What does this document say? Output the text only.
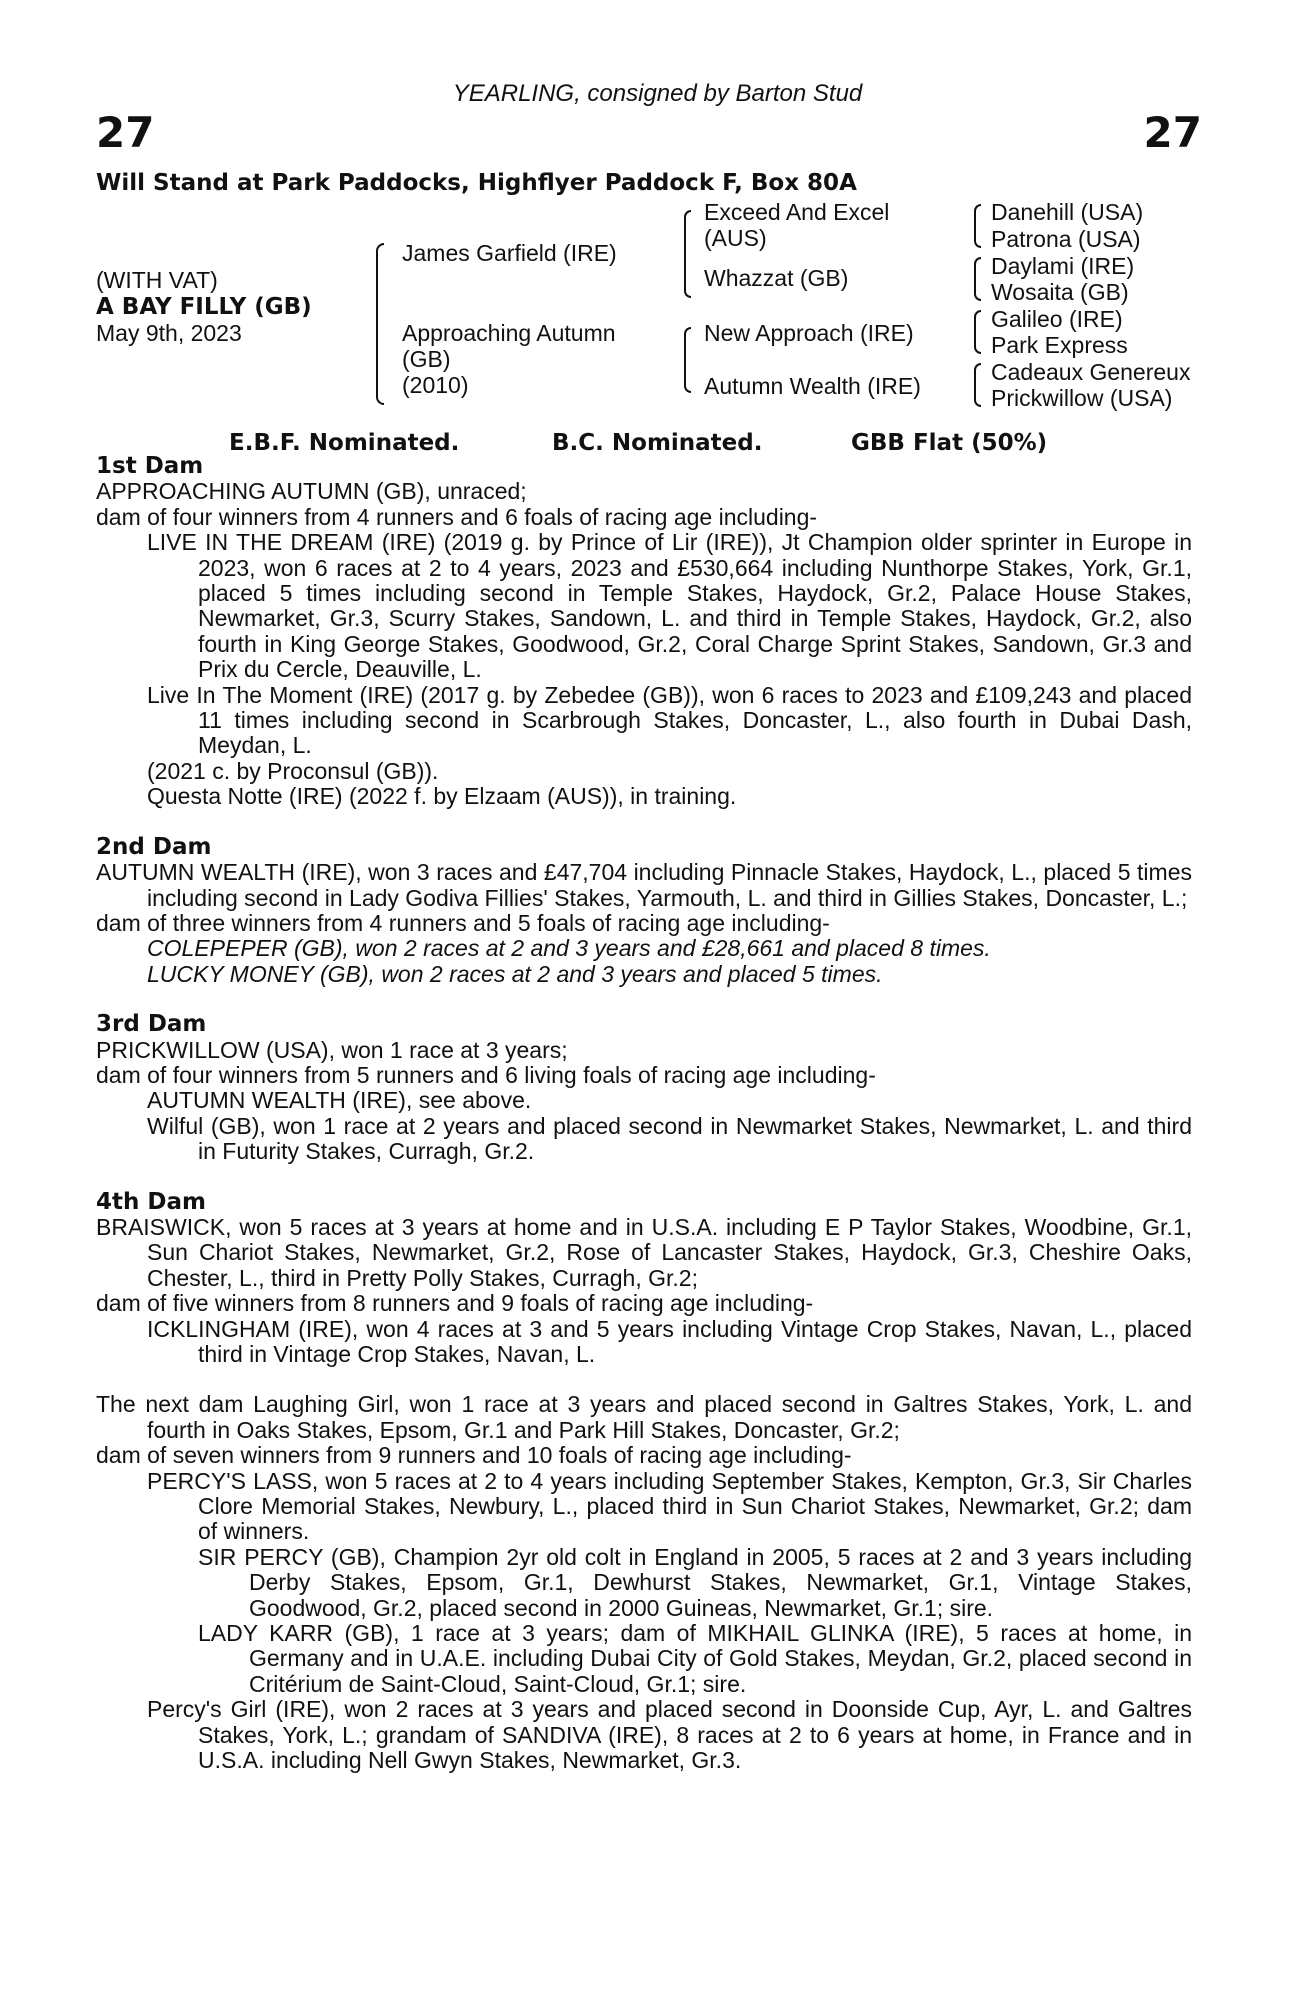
27	27
YEARLING, consigned by Barton Stud
Will Stand at Park Paddocks, Highflyer Paddock F, Box 80A
(WITH VAT)
A BAY FILLY (GB)
May 9th, 2023
James Garfield (IRE)
Approaching Autumn
(GB)
(2010)
Exceed And Excel
(AUS)
Whazzat (GB)
New Approach (IRE)
Autumn Wealth (IRE)
Danehill (USA)
Patrona (USA)
Daylami (IRE)
Wosaita (GB)
Galileo (IRE)
Park Express
Cadeaux Genereux
Prickwillow (USA)
E.B.F. Nominated.	B.C. Nominated.	GBB Flat (50%)

1st Dam

APPROACHING AUTUMN (GB), unraced;

dam of four winners from 4 runners and 6 foals of racing age including-

LIVE IN THE DREAM (IRE) (2019 g. by Prince of Lir (IRE)), Jt Champion older sprinter in Europe in 2023, won 6 races at 2 to 4 years, 2023 and £530,664 including Nunthorpe Stakes, York, Gr.1, placed 5 times including second in Temple Stakes, Haydock, Gr.2, Palace House Stakes, Newmarket, Gr.3, Scurry Stakes, Sandown, L. and third in Temple Stakes, Haydock, Gr.2, also fourth in King George Stakes, Goodwood, Gr.2, Coral Charge Sprint Stakes, Sandown, Gr.3 and Prix du Cercle, Deauville, L.

Live In The Moment (IRE) (2017 g. by Zebedee (GB)), won 6 races to 2023 and £109,243 and placed 11 times including second in Scarbrough Stakes, Doncaster, L., also fourth in Dubai Dash, Meydan, L.

(2021 c. by Proconsul (GB)).

Questa Notte (IRE) (2022 f. by Elzaam (AUS)), in training.

2nd Dam

AUTUMN WEALTH (IRE), won 3 races and £47,704 including Pinnacle Stakes, Haydock, L., placed 5 times including second in Lady Godiva Fillies' Stakes, Yarmouth, L. and third in Gillies Stakes, Doncaster, L.;

dam of three winners from 4 runners and 5 foals of racing age including-

COLEPEPER (GB), won 2 races at 2 and 3 years and £28,661 and placed 8 times.

LUCKY MONEY (GB), won 2 races at 2 and 3 years and placed 5 times.

3rd Dam

PRICKWILLOW (USA), won 1 race at 3 years;

dam of four winners from 5 runners and 6 living foals of racing age including-

AUTUMN WEALTH (IRE), see above.

Wilful (GB), won 1 race at 2 years and placed second in Newmarket Stakes, Newmarket, L. and third in Futurity Stakes, Curragh, Gr.2.

4th Dam

BRAISWICK, won 5 races at 3 years at home and in U.S.A. including E P Taylor Stakes, Woodbine, Gr.1, Sun Chariot Stakes, Newmarket, Gr.2, Rose of Lancaster Stakes, Haydock, Gr.3, Cheshire Oaks, Chester, L., third in Pretty Polly Stakes, Curragh, Gr.2;

dam of five winners from 8 runners and 9 foals of racing age including-

ICKLINGHAM (IRE), won 4 races at 3 and 5 years including Vintage Crop Stakes, Navan, L., placed third in Vintage Crop Stakes, Navan, L.

The next dam Laughing Girl, won 1 race at 3 years and placed second in Galtres Stakes, York, L. and fourth in Oaks Stakes, Epsom, Gr.1 and Park Hill Stakes, Doncaster, Gr.2;

dam of seven winners from 9 runners and 10 foals of racing age including-

PERCY'S LASS, won 5 races at 2 to 4 years including September Stakes, Kempton, Gr.3, Sir Charles Clore Memorial Stakes, Newbury, L., placed third in Sun Chariot Stakes, Newmarket, Gr.2; dam of winners.

SIR PERCY (GB), Champion 2yr old colt in England in 2005, 5 races at 2 and 3 years including Derby Stakes, Epsom, Gr.1, Dewhurst Stakes, Newmarket, Gr.1, Vintage Stakes, Goodwood, Gr.2, placed second in 2000 Guineas, Newmarket, Gr.1; sire.

LADY KARR (GB), 1 race at 3 years; dam of MIKHAIL GLINKA (IRE), 5 races at home, in Germany and in U.A.E. including Dubai City of Gold Stakes, Meydan, Gr.2, placed second in Critérium de Saint-Cloud, Saint-Cloud, Gr.1; sire.

Percy's Girl (IRE), won 2 races at 3 years and placed second in Doonside Cup, Ayr, L. and Galtres Stakes, York, L.; grandam of SANDIVA (IRE), 8 races at 2 to 6 years at home, in France and in U.S.A. including Nell Gwyn Stakes, Newmarket, Gr.3.
